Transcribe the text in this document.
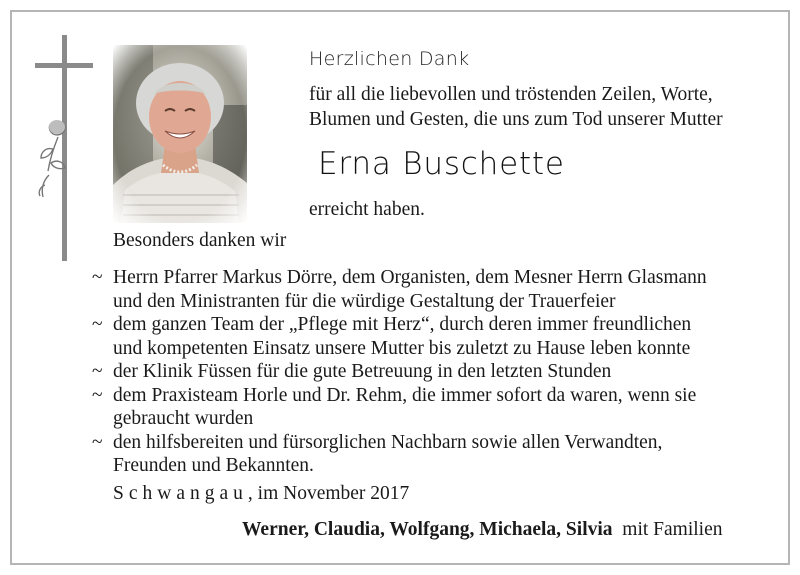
Herzlichen Dank
für all die liebevollen und tröstenden Zeilen, Worte,
Blumen und Gesten, die uns zum Tod unserer Mutter
Erna Buschette
erreicht haben.
Besonders danken wir
~ Herrn Pfarrer Markus Dörre, dem Organisten, dem Mesner Herrn Glasmann
und den Ministranten für die würdige Gestaltung der Trauerfeier
~ dem ganzen Team der „Pflege mit Herz“, durch deren immer freundlichen
und kompetenten Einsatz unsere Mutter bis zuletzt zu Hause leben konnte
~ der Klinik Füssen für die gute Betreuung in den letzten Stunden
~ dem Praxisteam Horle und Dr. Rehm, die immer sofort da waren, wenn sie
gebraucht wurden
~ den hilfsbereiten und fürsorglichen Nachbarn sowie allen Verwandten,
Freunden und Bekannten.
Schwangau, im November 2017
Werner, Claudia, Wolfgang, Michaela, Silvia mit Familien
